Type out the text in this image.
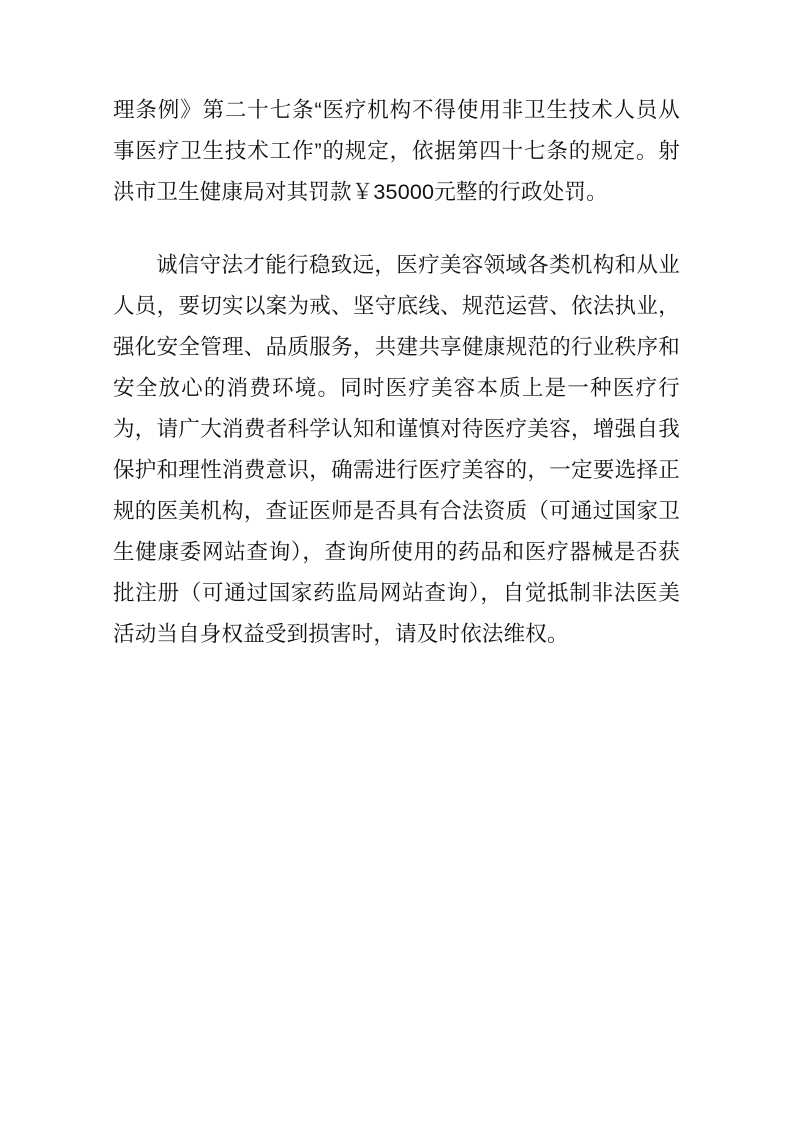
理条例》第二十七条“医疗机构不得使用非卫生技术人员从事医疗卫生技术工作”的规定，依据第四十七条的规定。射洪市卫生健康局对其罚款￥35000元整的行政处罚。

诚信守法才能行稳致远，医疗美容领域各类机构和从业人员，要切实以案为戒、坚守底线、规范运营、依法执业，强化安全管理、品质服务，共建共享健康规范的行业秩序和安全放心的消费环境。同时医疗美容本质上是一种医疗行为，请广大消费者科学认知和谨慎对待医疗美容，增强自我保护和理性消费意识，确需进行医疗美容的，一定要选择正规的医美机构，查证医师是否具有合法资质（可通过国家卫生健康委网站查询），查询所使用的药品和医疗器械是否获批注册（可通过国家药监局网站查询），自觉抵制非法医美活动当自身权益受到损害时，请及时依法维权。
